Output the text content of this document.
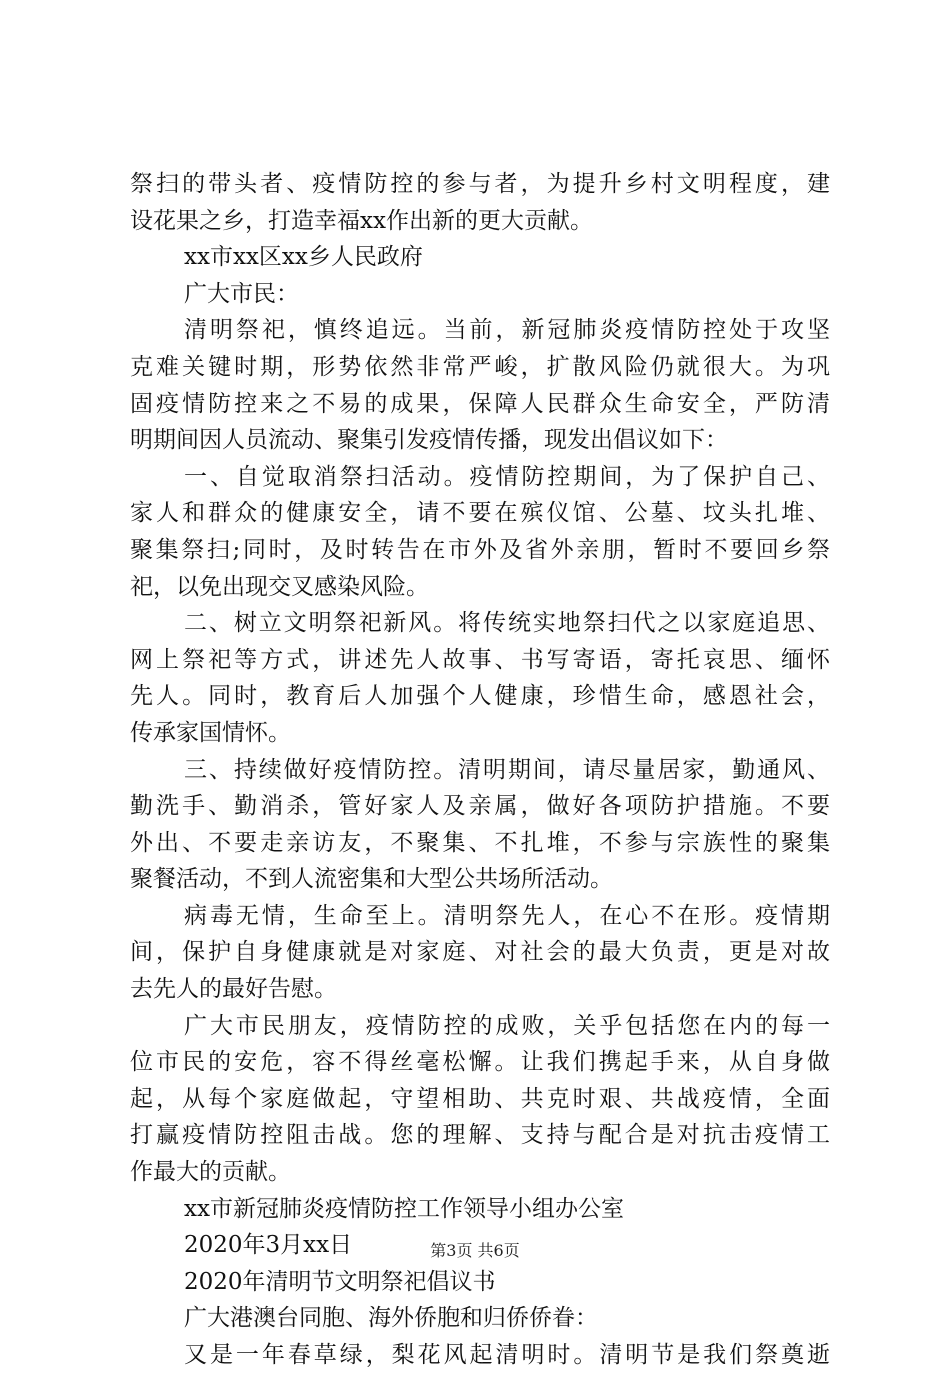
祭扫的带头者、疫情防控的参与者，为提升乡村文明程度，建
设花果之乡，打造幸福xx作出新的更大贡献。
xx市xx区xx乡人民政府
广大市民：
清明祭祀，慎终追远。当前，新冠肺炎疫情防控处于攻坚
克难关键时期，形势依然非常严峻，扩散风险仍就很大。为巩
固疫情防控来之不易的成果，保障人民群众生命安全，严防清
明期间因人员流动、聚集引发疫情传播，现发出倡议如下：
一、自觉取消祭扫活动。疫情防控期间，为了保护自己、
家人和群众的健康安全，请不要在殡仪馆、公墓、坟头扎堆、
聚集祭扫;同时，及时转告在市外及省外亲朋，暂时不要回乡祭
祀，以免出现交叉感染风险。
二、树立文明祭祀新风。将传统实地祭扫代之以家庭追思、
网上祭祀等方式，讲述先人故事、书写寄语，寄托哀思、缅怀
先人。同时，教育后人加强个人健康，珍惜生命，感恩社会，
传承家国情怀。
三、持续做好疫情防控。清明期间，请尽量居家，勤通风、
勤洗手、勤消杀，管好家人及亲属，做好各项防护措施。不要
外出、不要走亲访友，不聚集、不扎堆，不参与宗族性的聚集
聚餐活动，不到人流密集和大型公共场所活动。
病毒无情，生命至上。清明祭先人，在心不在形。疫情期
间，保护自身健康就是对家庭、对社会的最大负责，更是对故
去先人的最好告慰。
广大市民朋友，疫情防控的成败，关乎包括您在内的每一
位市民的安危，容不得丝毫松懈。让我们携起手来，从自身做
起，从每个家庭做起，守望相助、共克时艰、共战疫情，全面
打赢疫情防控阻击战。您的理解、支持与配合是对抗击疫情工
作最大的贡献。
xx市新冠肺炎疫情防控工作领导小组办公室
2020年3月xx日
2020年清明节文明祭祀倡议书
广大港澳台同胞、海外侨胞和归侨侨眷：
又是一年春草绿，梨花风起清明时。清明节是我们祭奠逝
第3页 共6页
